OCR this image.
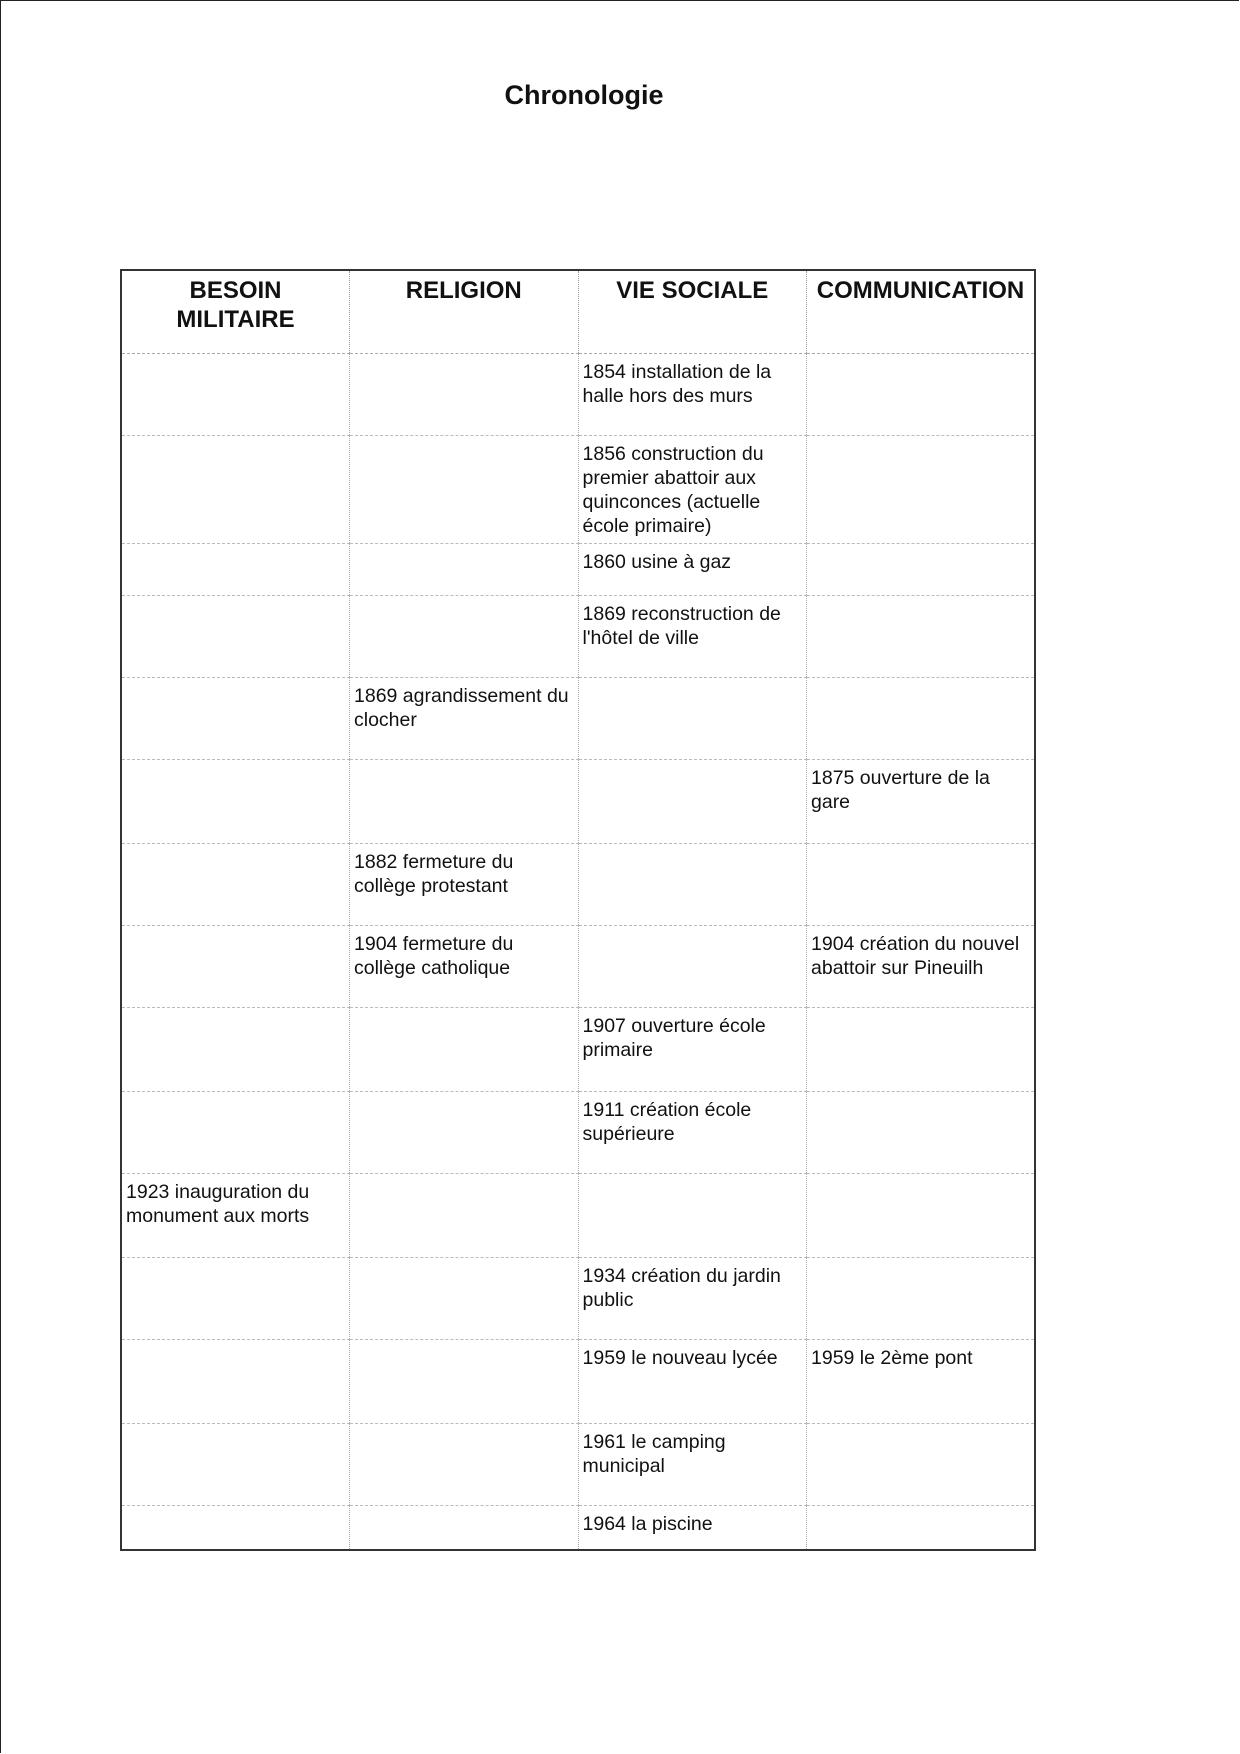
Chronologie
BESOIN
MILITAIRE	RELIGION	VIE SOCIALE	COMMUNICATION
		1854 installation de la halle hors des murs	
		1856 construction du premier abattoir aux quinconces (actuelle école primaire)	
		1860 usine à gaz	
		1869 reconstruction de l'hôtel de ville	
	1869 agrandissement du clocher		
			1875 ouverture de la gare
	1882 fermeture du collège protestant		
	1904 fermeture du collège catholique		1904 création du nouvel abattoir sur Pineuilh
		1907 ouverture école primaire	
		1911 création école supérieure	
1923 inauguration du monument aux morts			
		1934 création du jardin public	
		1959 le nouveau lycée	1959 le 2ème pont
		1961 le camping municipal	
		1964 la piscine	
